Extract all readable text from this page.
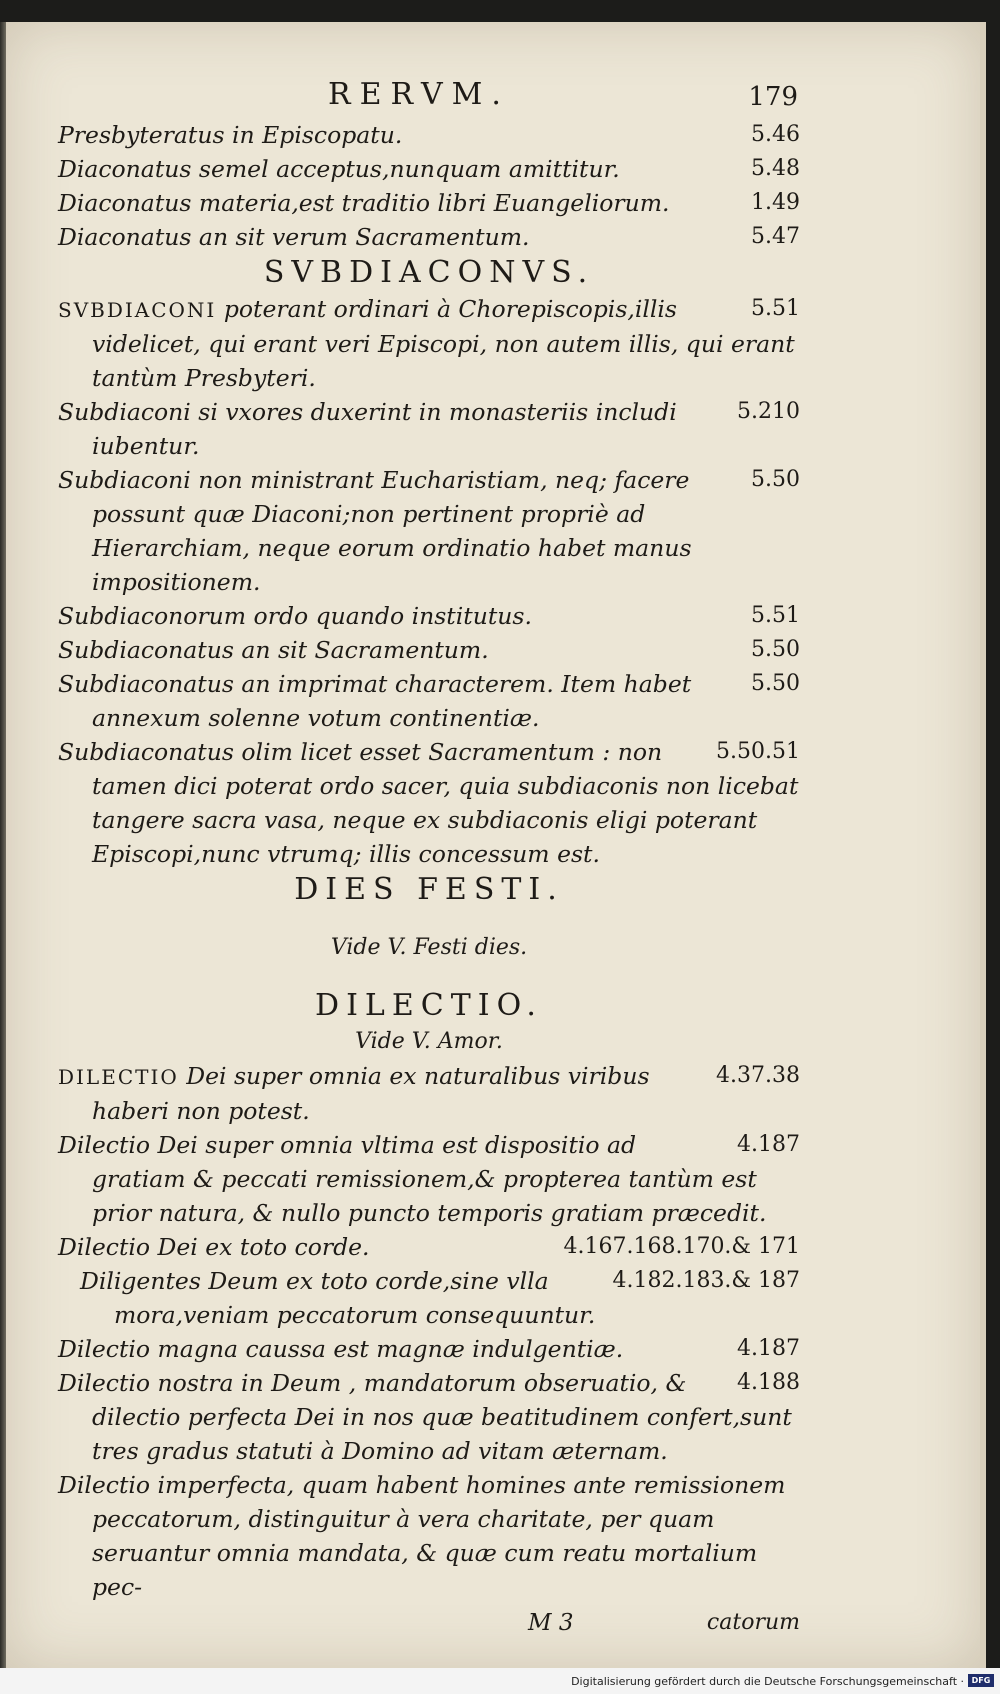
RERVM.	179

5.46
Presbyteratus in Episcopatu.

5.48
Diaconatus semel acceptus,nunquam amittitur.

1.49
Diaconatus materia,est traditio libri Euangeliorum.

5.47
Diaconatus an sit verum Sacramentum.

SVBDIACONVS.

5.51
SVBDIACONI poterant ordinari à Chorepiscopis,illis videlicet, qui erant veri Episcopi, non autem illis, qui erant tantùm Presbyteri.

5.210
Subdiaconi si vxores duxerint in monasteriis includi iubentur.

5.50
Subdiaconi non ministrant Eucharistiam, neq; facere possunt quæ Diaconi;non pertinent propriè ad Hierarchiam, neque eorum ordinatio habet manus impositionem.

5.51
Subdiaconorum ordo quando institutus.

5.50
Subdiaconatus an sit Sacramentum.

5.50
Subdiaconatus an imprimat characterem. Item habet annexum solenne votum continentiæ.

5.50.51
Subdiaconatus olim licet esset Sacramentum : non tamen dici poterat ordo sacer, quia subdiaconis non licebat tangere sacra vasa, neque ex subdiaconis eligi poterant Episcopi,nunc vtrumq; illis concessum est.

DIES FESTI.

Vide V. Festi dies.

DILECTIO.

Vide V. Amor.

4.37.38
DILECTIO Dei super omnia ex naturalibus viribus haberi non potest.

4.187
Dilectio Dei super omnia vltima est dispositio ad gratiam & peccati remissionem,& propterea tantùm est prior natura, & nullo puncto temporis gratiam præcedit.

4.167.168.170.& 171
Dilectio Dei ex toto corde.

4.182.183.& 187
Diligentes Deum ex toto corde,sine vlla mora,veniam peccatorum consequuntur.

4.187
Dilectio magna caussa est magnæ indulgentiæ.

4.188
Dilectio nostra in Deum , mandatorum obseruatio, & dilectio perfecta Dei in nos quæ beatitudinem confert,sunt tres gradus statuti à Domino ad vitam æternam.

Dilectio imperfecta, quam habent homines ante remissionem peccatorum, distinguitur à vera charitate, per quam seruantur omnia mandata, & quæ cum reatu mortalium pec-

M 3	catorum
Digitalisierung gefördert durch die Deutsche Forschungsgemeinschaft · DFG
